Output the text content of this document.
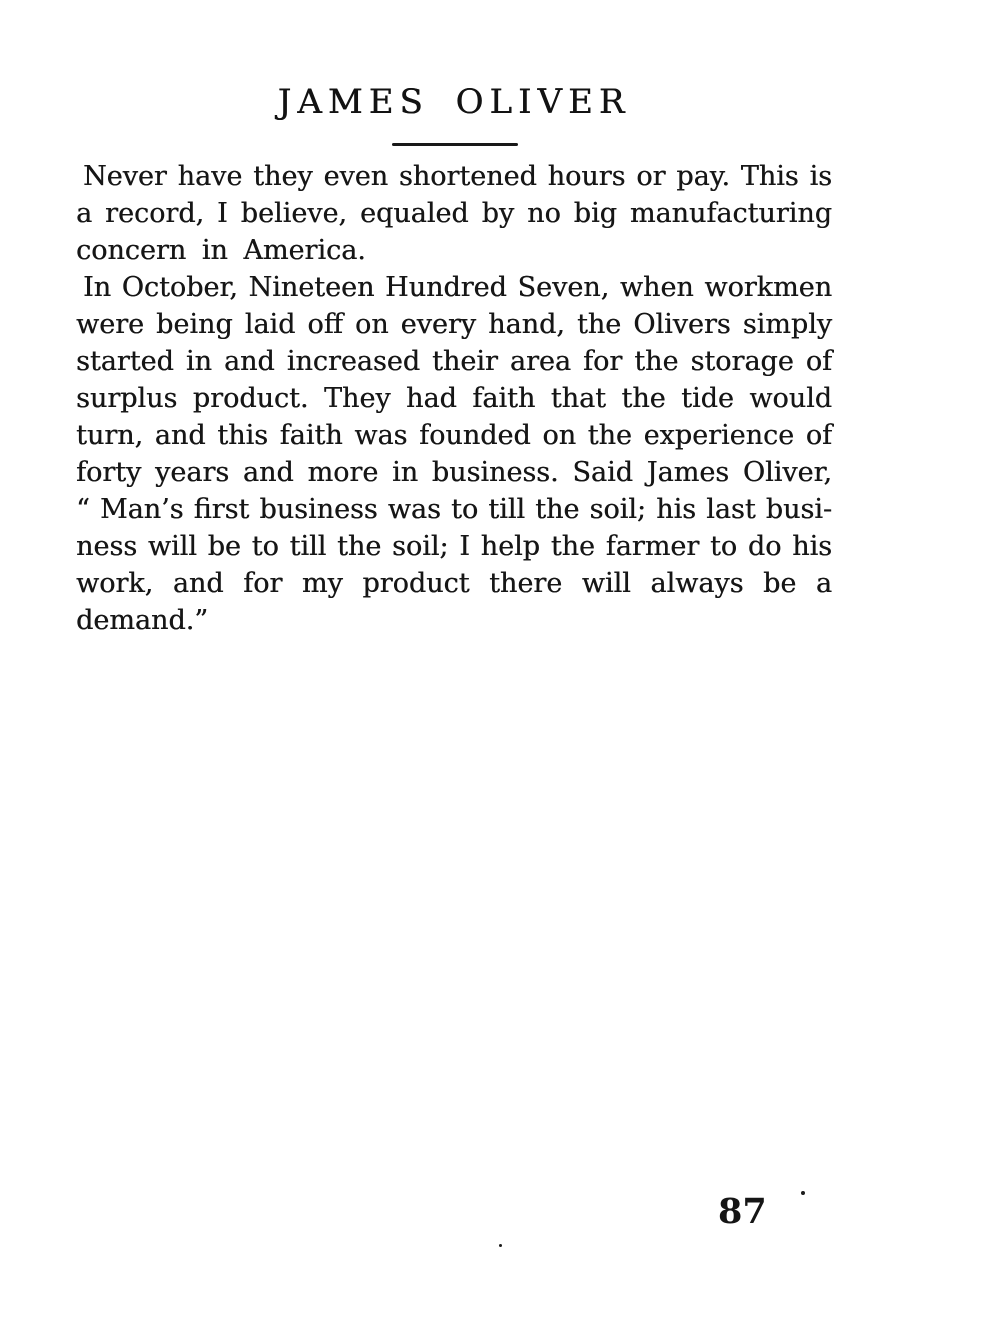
JAMES OLIVER
Never have they even shortened hours or pay. This is
a record, I believe, equaled by no big manufacturing
concern in America.
In October, Nineteen Hundred Seven, when workmen
were being laid off on every hand, the Olivers simply
started in and increased their area for the storage of
surplus product. They had faith that the tide would
turn, and this faith was founded on the experience of
forty years and more in business. Said James Oliver,
“ Man’s first business was to till the soil; his last busi-
ness will be to till the soil; I help the farmer to do his
work, and for my product there will always be a
demand.”
87
